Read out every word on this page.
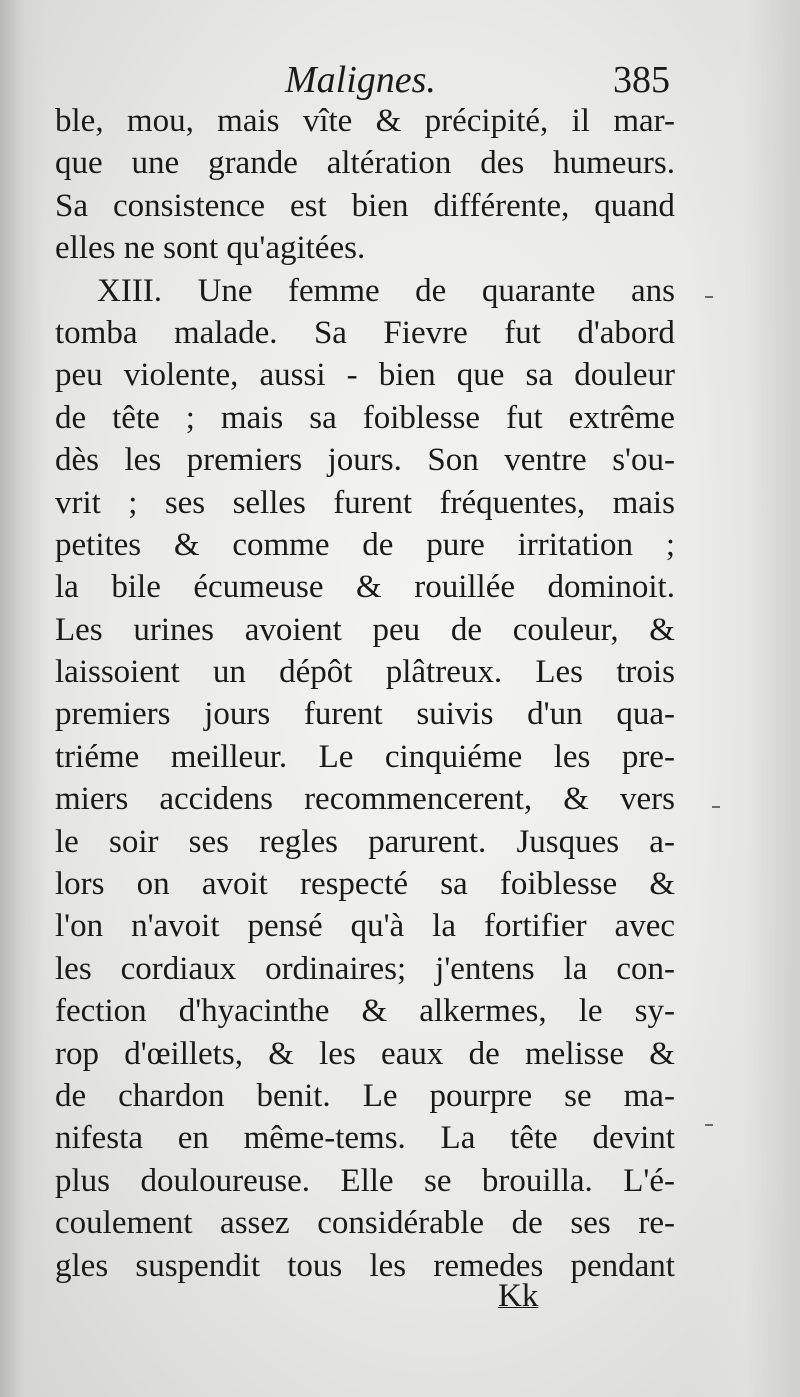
Malignes.	385
ble, mou, mais vîte & précipité, il mar-
que une grande altération des humeurs.
Sa consistence est bien différente, quand
elles ne sont qu'agitées.
XIII. Une femme de quarante ans
tomba malade. Sa Fievre fut d'abord
peu violente, aussi - bien que sa douleur
de tête ; mais sa foiblesse fut extrême
dès les premiers jours. Son ventre s'ou-
vrit ; ses selles furent fréquentes, mais
petites & comme de pure irritation ;
la bile écumeuse & rouillée dominoit.
Les urines avoient peu de couleur, &
laissoient un dépôt plâtreux. Les trois
premiers jours furent suivis d'un qua-
triéme meilleur. Le cinquiéme les pre-
miers accidens recommencerent, & vers
le soir ses regles parurent. Jusques a-
lors on avoit respecté sa foiblesse &
l'on n'avoit pensé qu'à la fortifier avec
les cordiaux ordinaires; j'entens la con-
fection d'hyacinthe & alkermes, le sy-
rop d'œillets, & les eaux de melisse &
de chardon benit. Le pourpre se ma-
nifesta en même-tems. La tête devint
plus douloureuse. Elle se brouilla. L'é-
coulement assez considérable de ses re-
gles suspendit tous les remedes pendant
Kk
